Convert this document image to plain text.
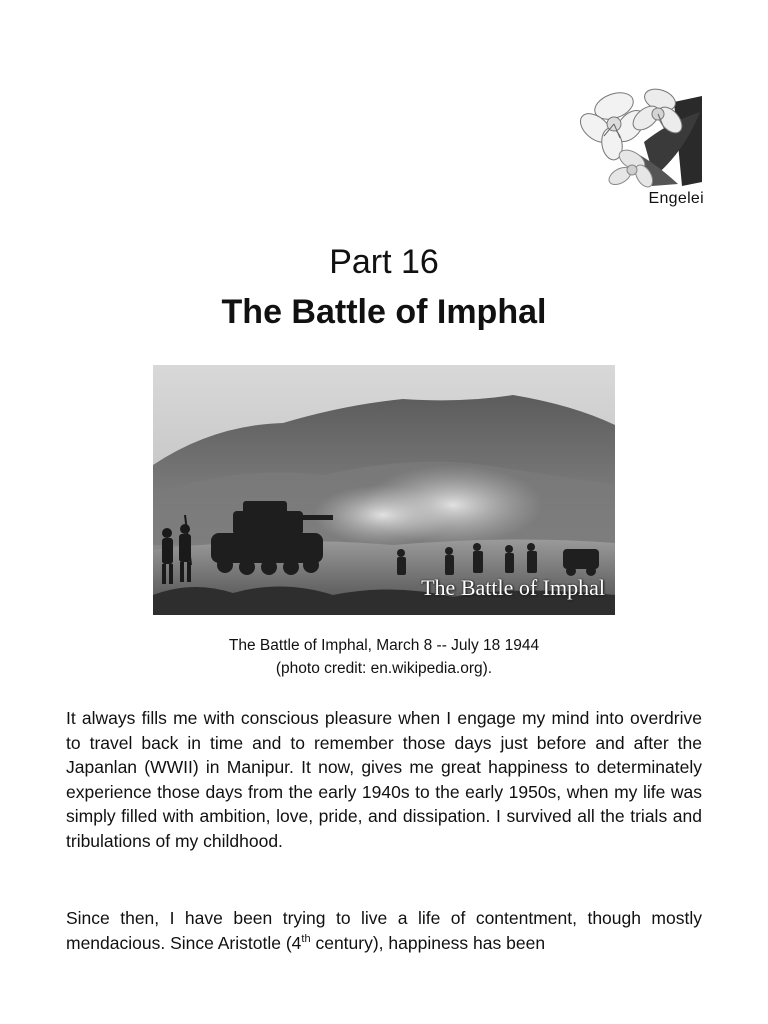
Engelei
Part 16
The Battle of Imphal
The Battle of Imphal
The Battle of Imphal, March 8 -- July 18 1944
(photo credit: en.wikipedia.org).

It always fills me with conscious pleasure when I engage my mind into overdrive to travel back in time and to remember those days just before and after the Japanlan (WWII) in Manipur. It now, gives me great happiness to determinately experience those days from the early 1940s to the early 1950s, when my life was simply filled with ambition, love, pride, and dissipation. I survived all the trials and tribulations of my childhood.

Since then, I have been trying to live a life of contentment, though mostly mendacious. Since Aristotle (4th century), happiness has been
